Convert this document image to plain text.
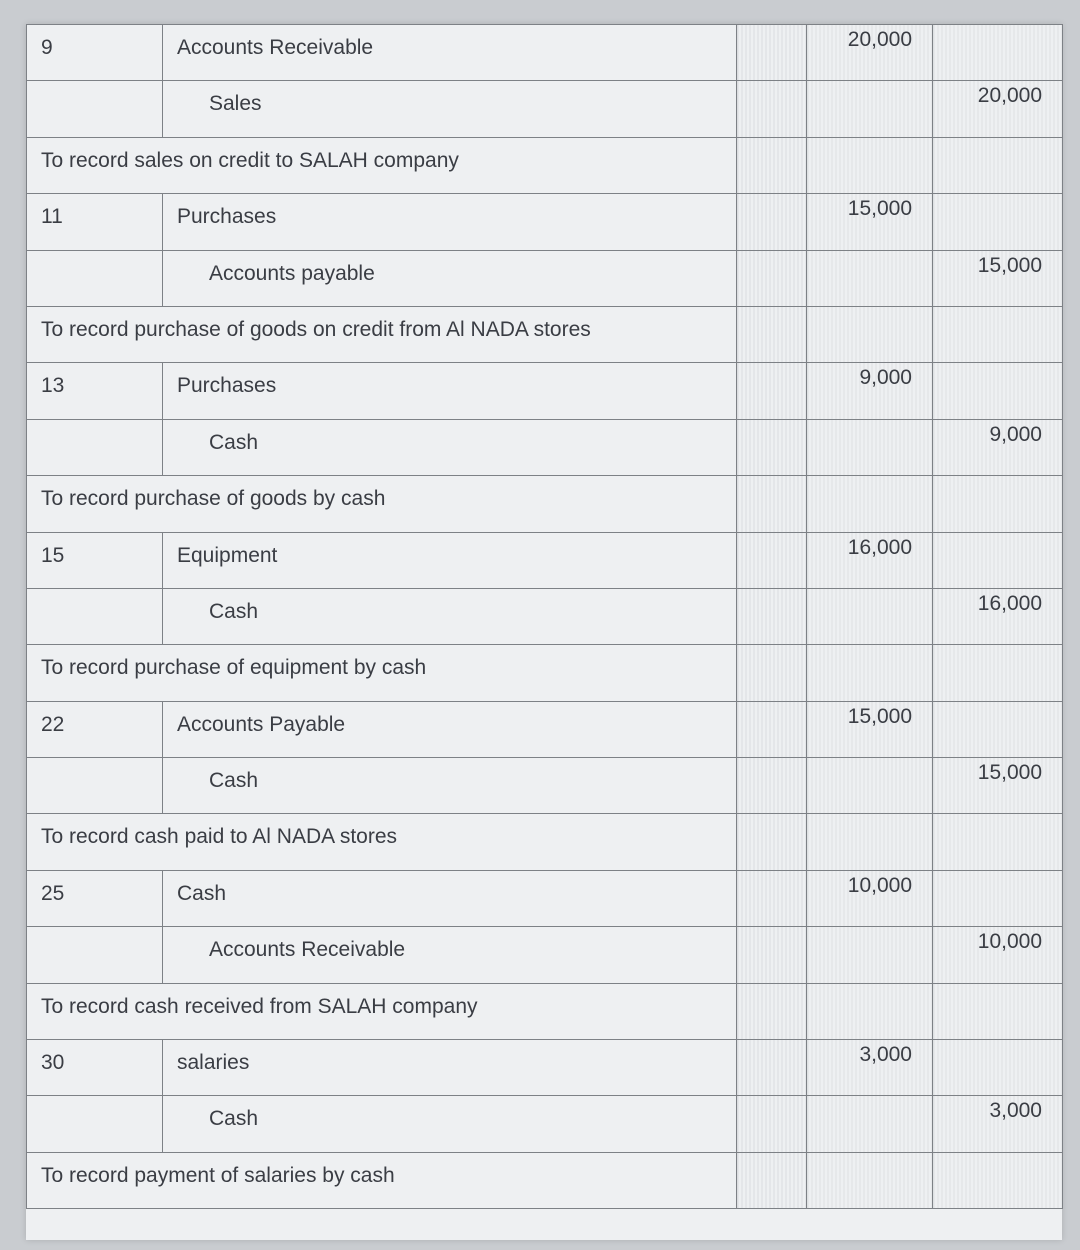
9	Accounts Receivable		20,000	

	Sales			20,000

To record sales on credit to SALAH company				

11	Purchases		15,000	

	Accounts payable			15,000

To record purchase of goods on credit from Al NADA stores				

13	Purchases		9,000	

	Cash			9,000

To record purchase of goods by cash				

15	Equipment		16,000	

	Cash			16,000

To record purchase of equipment by cash				

22	Accounts Payable		15,000	

	Cash			15,000

To record cash paid to Al NADA stores				

25	Cash		10,000	

	Accounts Receivable			10,000

To record cash received from SALAH company				

30	salaries		3,000	

	Cash			3,000

To record payment of salaries by cash				
